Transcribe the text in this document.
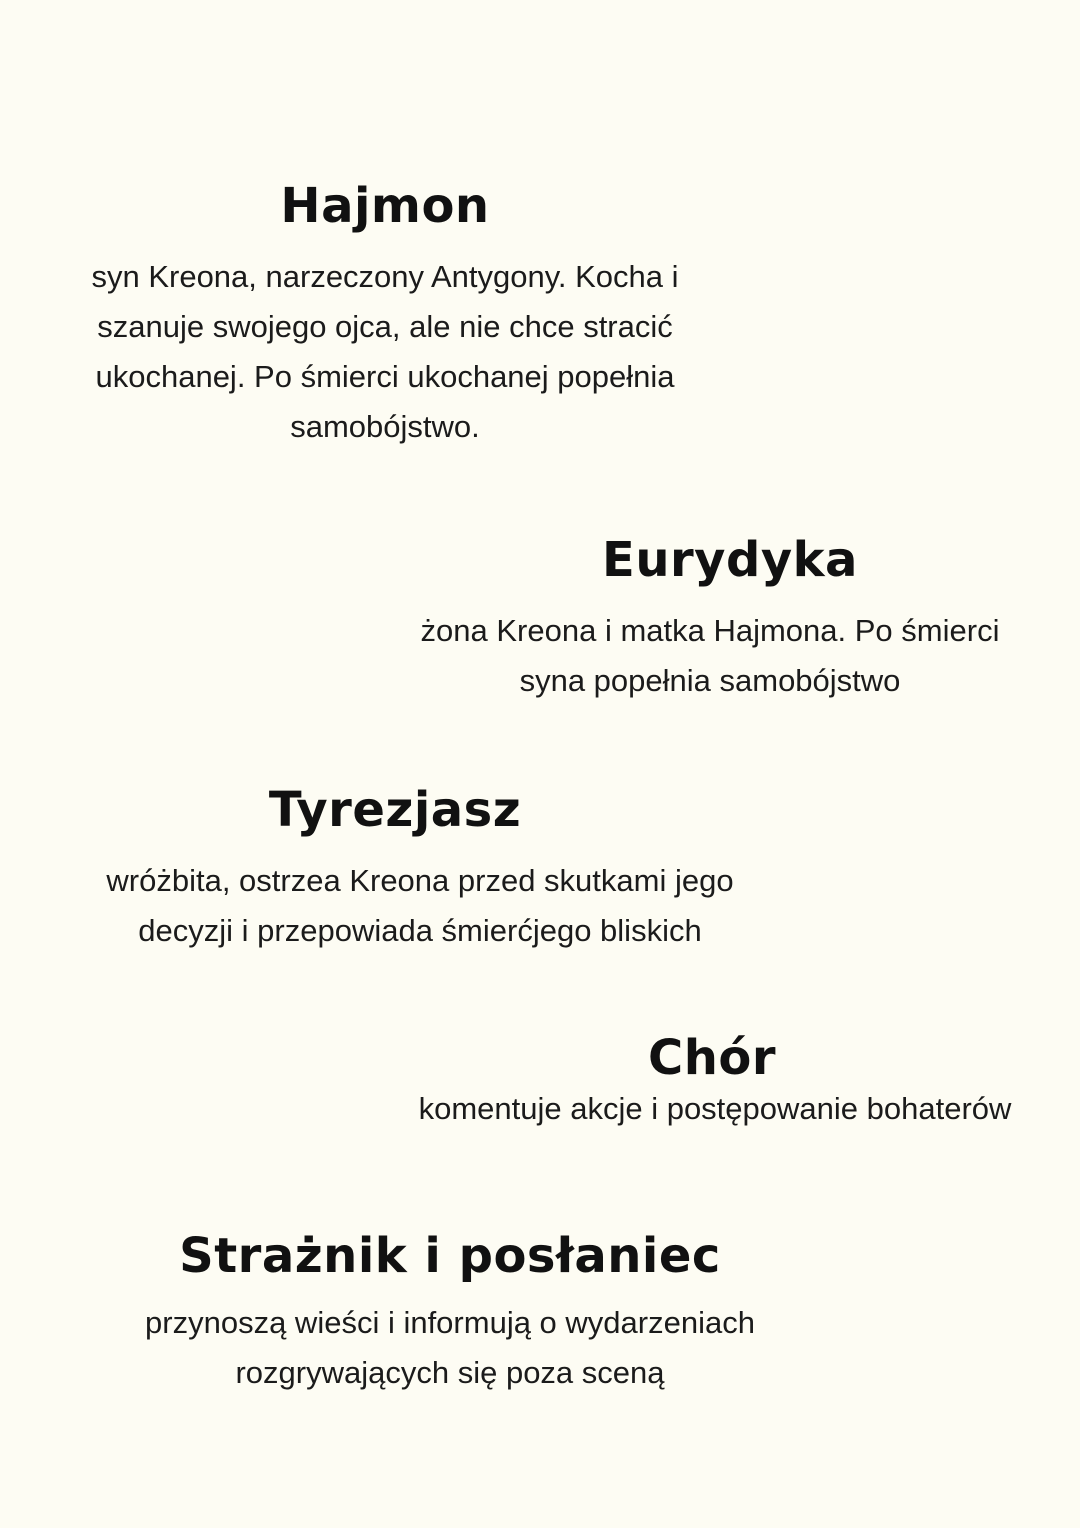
Hajmon

syn Kreona, narzeczony Antygony. Kocha i
szanuje swojego ojca, ale nie chce stracić
ukochanej. Po śmierci ukochanej popełnia
samobójstwo.

Eurydyka

żona Kreona i matka Hajmona. Po śmierci
syna popełnia samobójstwo

Tyrezjasz

wróżbita, ostrzea Kreona przed skutkami jego
decyzji i przepowiada śmierćjego bliskich

Chór

komentuje akcje i postępowanie bohaterów

Strażnik i posłaniec

przynoszą wieści i informują o wydarzeniach
rozgrywających się poza sceną
